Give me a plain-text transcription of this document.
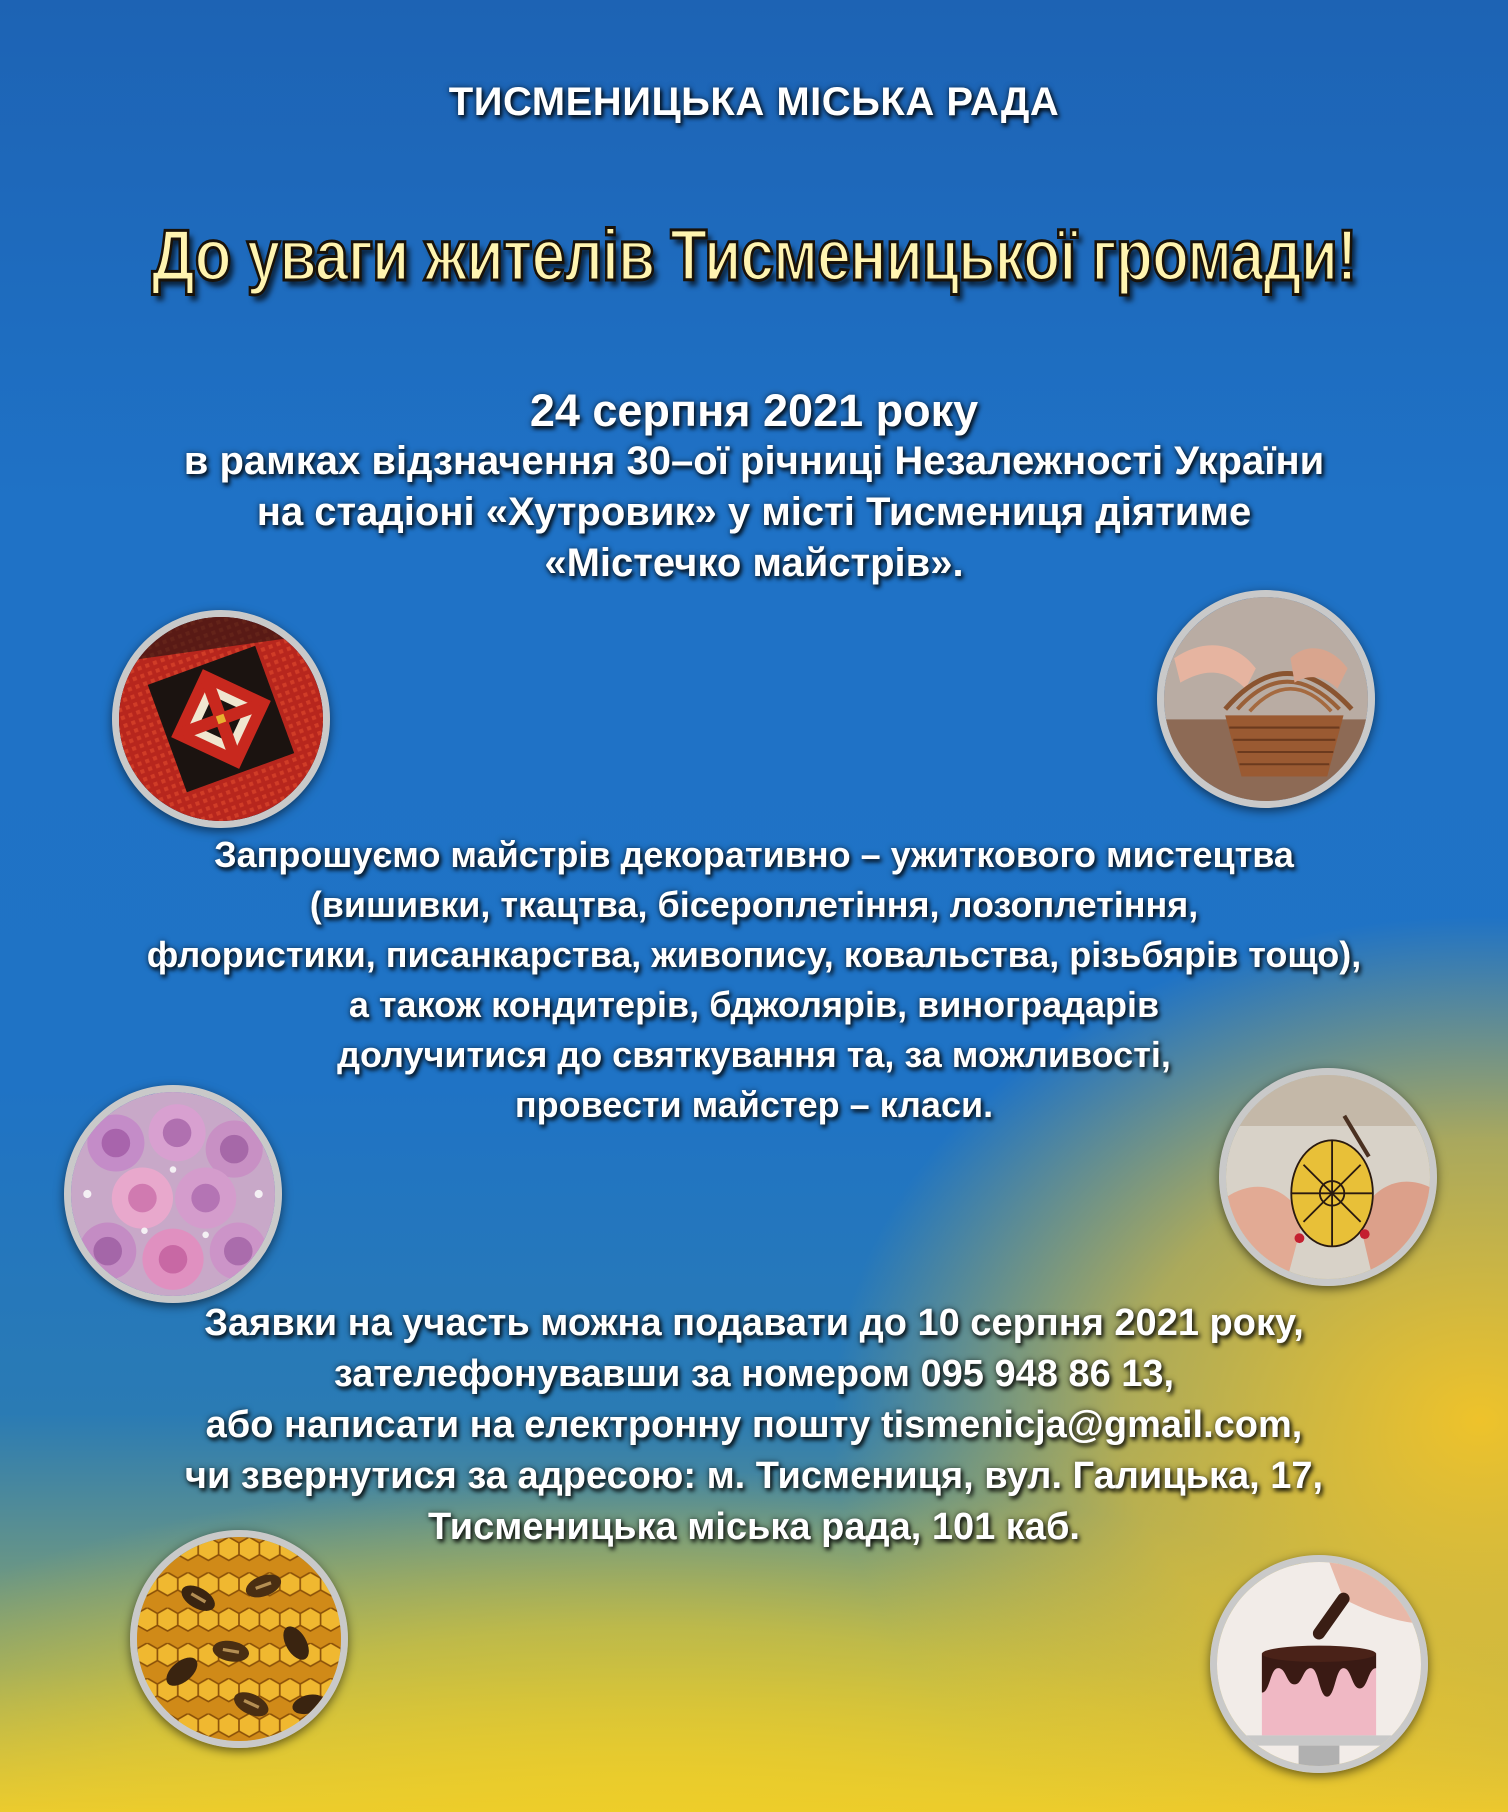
ТИСМЕНИЦЬКА МІСЬКА РАДА
До уваги жителів Тисменицької громади!
24 серпня 2021 року
в рамках відзначення 30–ої річниці Незалежності України
на стадіоні «Хутровик» у місті Тисмениця діятиме
«Містечко майстрів».
Запрошуємо майстрів декоративно – ужиткового мистецтва
(вишивки, ткацтва, бісероплетіння, лозоплетіння,
флористики, писанкарства, живопису, ковальства, різьбярів тощо),
а також кондитерів, бджолярів, виноградарів
долучитися до святкування та, за можливості,
провести майстер – класи.
Заявки на участь можна подавати до 10 серпня 2021 року,
зателефонувавши за номером 095 948 86 13,
або написати на електронну пошту tismenicja@gmail.com,
чи звернутися за адресою: м. Тисмениця, вул. Галицька, 17,
Тисменицька міська рада, 101 каб.
